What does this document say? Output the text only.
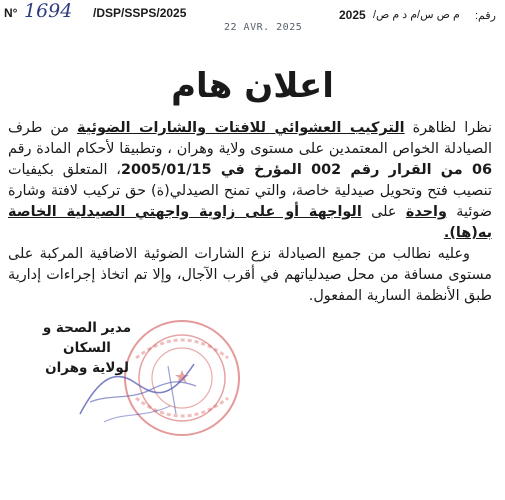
N° 1694 /DSP/SSPS/2025
22 AVR. 2025
2025 م ص س/م د م ص/ رقم:
اعلان هام

نظرا لظاهرة التركيب العشوائي للافتات والشارات الضوئية من طرف الصيادلة الخواص المعتمدين على مستوى ولاية وهران ، وتطبيقا لأحكام المادة رقم 06 من القرار رقم 002 المؤرخ في 2005/01/15، المتعلق بكيفيات تنصيب فتح وتحويل صيدلية خاصة، والتي تمنح الصيدلي(ة) حق تركيب لافتة وشارة ضوئية واحدة على الواجهة أو على زاوية واجهتي الصيدلية الخاصة به(ها).

وعليه نطالب من جميع الصيادلة نزع الشارات الضوئية الاضافية المركبة على مستوى مسافة من محل صيدلياتهم في أقرب الآجال، وإلا تم اتخاذ إجراءات إدارية طبق الأنظمة السارية المفعول.

مدير الصحة و السكان
لولاية وهران
